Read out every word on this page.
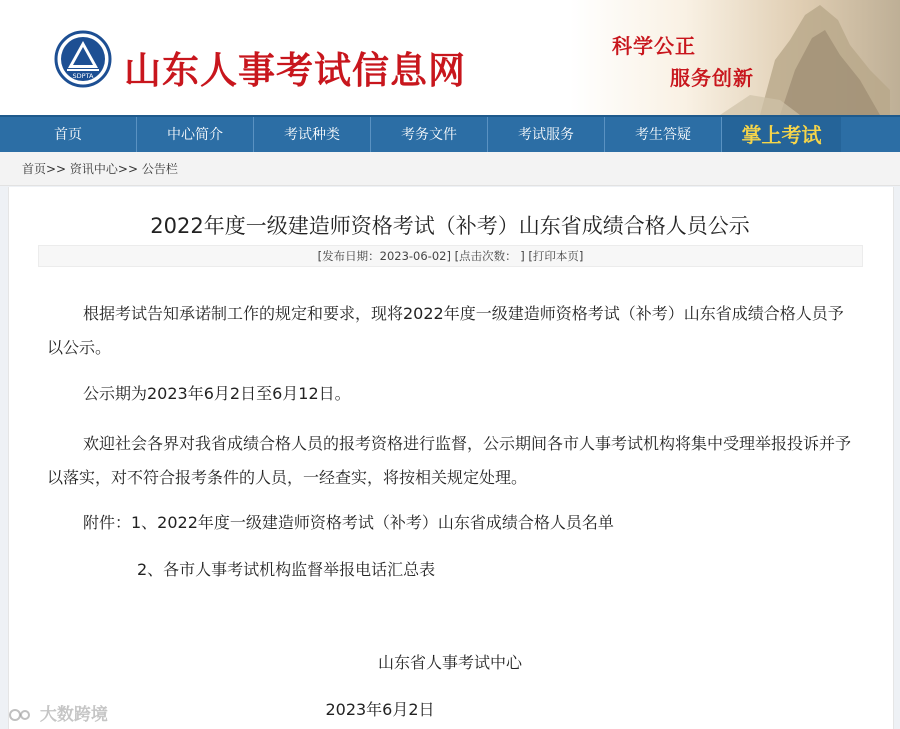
SDPTA 山东人事考试信息网
科学公正
服务创新
首页	中心简介	考试种类	考务文件	考试服务	考生答疑	掌上考试
首页>> 资讯中心>> 公告栏
2022年度一级建造师资格考试（补考）山东省成绩合格人员公示
[发布日期：2023-06-02] [点击次数： ] [打印本页]
根据考试告知承诺制工作的规定和要求，现将2022年度一级建造师资格考试（补考）山东省成绩合格人员予以公示。
公示期为2023年6月2日至6月12日。
欢迎社会各界对我省成绩合格人员的报考资格进行监督，公示期间各市人事考试机构将集中受理举报投诉并予以落实，对不符合报考条件的人员，一经查实，将按相关规定处理。
附件：1、2022年度一级建造师资格考试（补考）山东省成绩合格人员名单
2、各市人事考试机构监督举报电话汇总表
山东省人事考试中心
2023年6月2日
大数跨境
